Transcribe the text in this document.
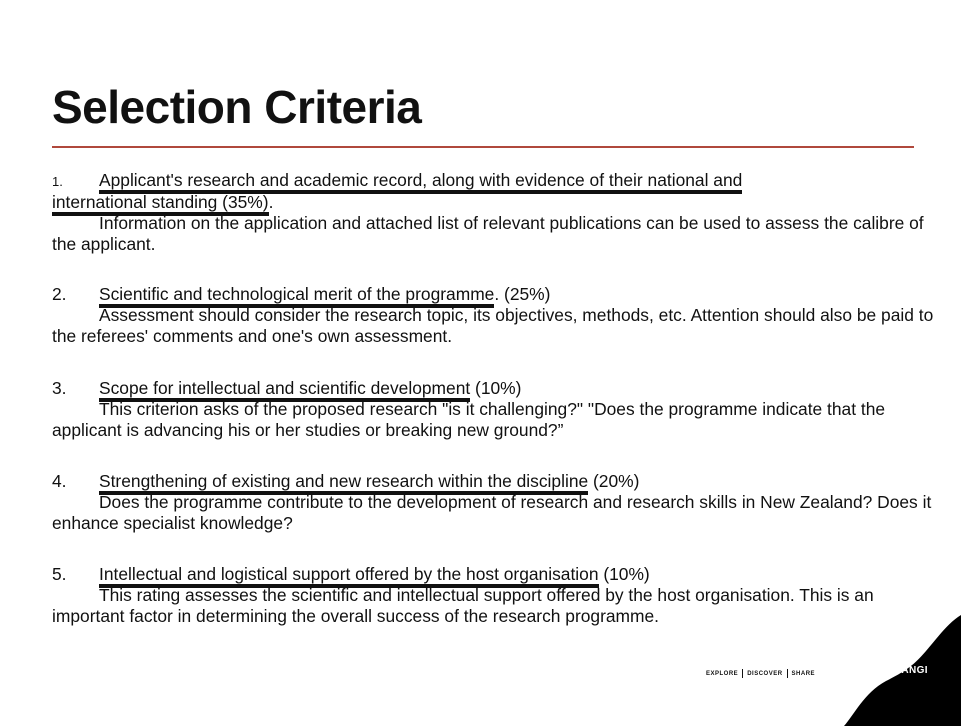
Selection Criteria
1. Applicant's research and academic record, along with evidence of their national and
international standing (35%).
Information on the application and attached list of relevant publications can be used to assess the calibre of the applicant.
2. Scientific and technological merit of the programme. (25%)
Assessment should consider the research topic, its objectives, methods, etc. Attention should also be paid to the referees' comments and one's own assessment.
3. Scope for intellectual and scientific development (10%)
This criterion asks of the proposed research "is it challenging?" "Does the programme indicate that the applicant is advancing his or her studies or breaking new ground?”
4. Strengthening of existing and new research within the discipline (20%)
Does the programme contribute to the development of research and research skills in New Zealand? Does it enhance specialist knowledge?
5. Intellectual and logistical support offered by the host organisation (10%)
This rating assesses the scientific and intellectual support offered by the host organisation. This is an important factor in determining the overall success of the research programme.
EXPLORE DISCOVER SHARE
ROYAL
SOCIETY
TE APĀRANGI
